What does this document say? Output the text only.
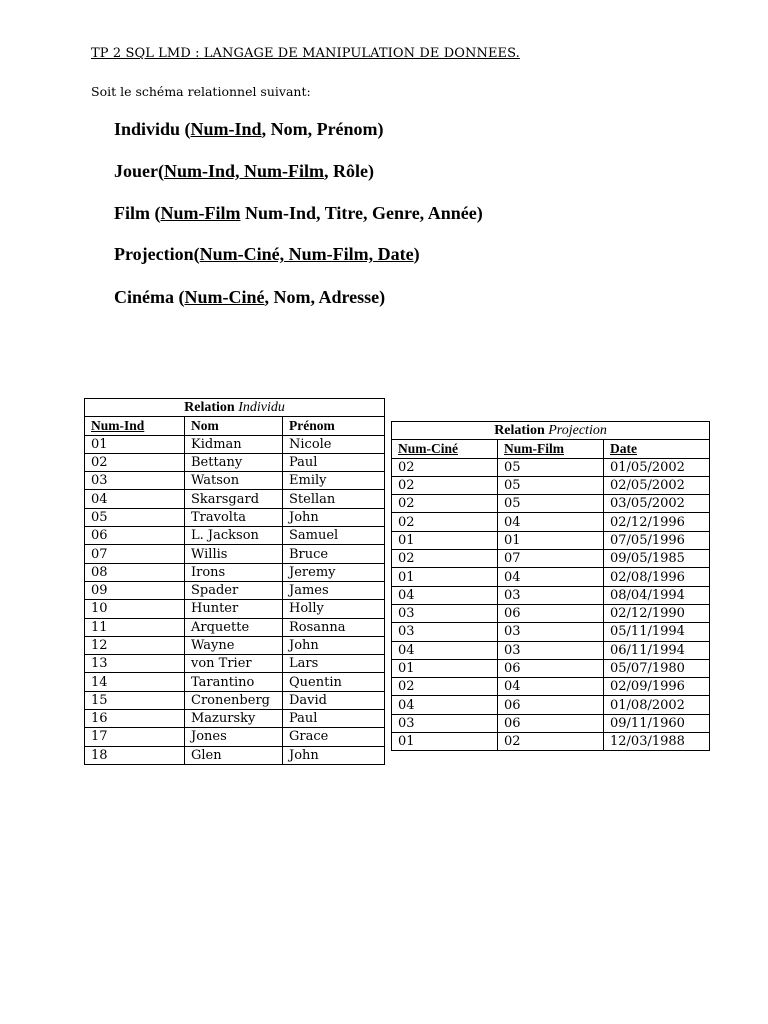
TP 2 SQL LMD : LANGAGE DE MANIPULATION DE DONNEES.
Soit le schéma relationnel suivant:
Individu (Num-Ind, Nom, Prénom)
Jouer(Num-Ind, Num-Film, Rôle)
Film (Num-Film Num-Ind, Titre, Genre, Année)
Projection(Num-Ciné, Num-Film, Date)
Cinéma (Num-Ciné, Nom, Adresse)
Relation Individu		
Num-Ind	Nom	Prénom
01	Kidman	Nicole
02	Bettany	Paul
03	Watson	Emily
04	Skarsgard	Stellan
05	Travolta	John
06	L. Jackson	Samuel
07	Willis	Bruce
08	Irons	Jeremy
09	Spader	James
10	Hunter	Holly
11	Arquette	Rosanna
12	Wayne	John
13	von Trier	Lars
14	Tarantino	Quentin
15	Cronenberg	David
16	Mazursky	Paul
17	Jones	Grace
18	Glen	John
Relation Projection		
Num-Ciné	Num-Film	Date
02	05	01/05/2002
02	05	02/05/2002
02	05	03/05/2002
02	04	02/12/1996
01	01	07/05/1996
02	07	09/05/1985
01	04	02/08/1996
04	03	08/04/1994
03	06	02/12/1990
03	03	05/11/1994
04	03	06/11/1994
01	06	05/07/1980
02	04	02/09/1996
04	06	01/08/2002
03	06	09/11/1960
01	02	12/03/1988
